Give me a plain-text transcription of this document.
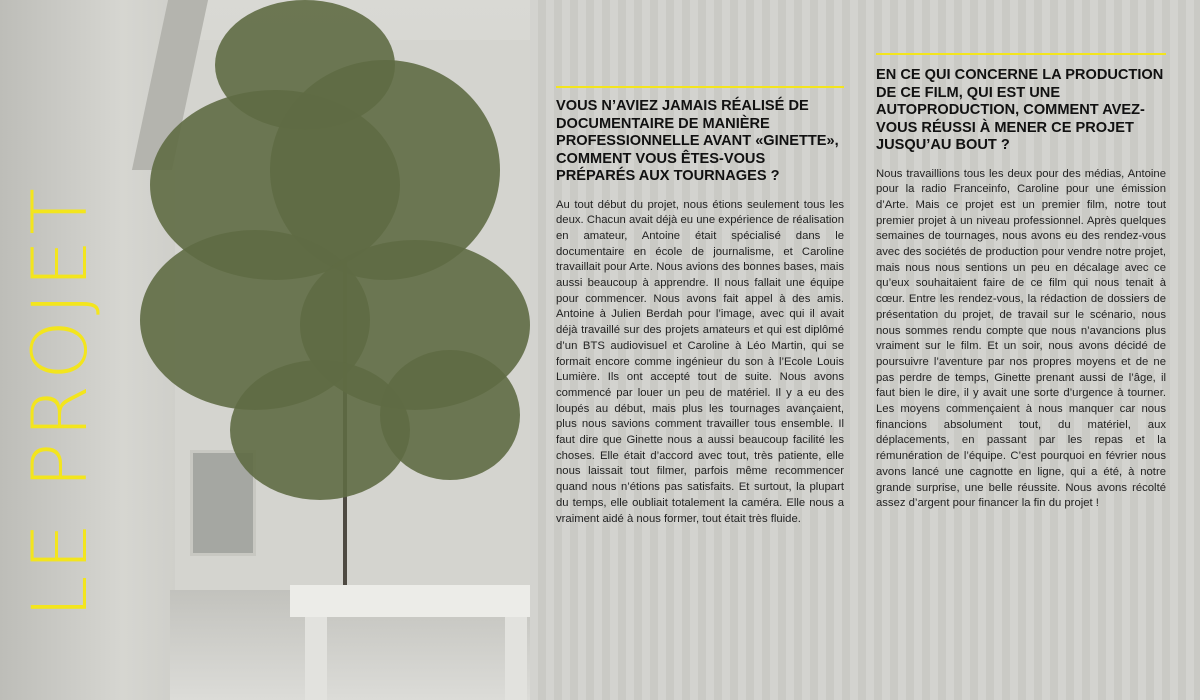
LE PROJET
VOUS N’AVIEZ JAMAIS RÉALISÉ DE DOCUMENTAIRE DE MANIÈRE PROFESSIONNELLE AVANT «GINETTE», COMMENT VOUS ÊTES-VOUS PRÉPARÉS AUX TOURNAGES ?

Au tout début du projet, nous étions seulement tous les deux. Chacun avait déjà eu une expérience de réalisation en amateur, Antoine était spécialisé dans le documentaire en école de journalisme, et Caroline travaillait pour Arte. Nous avions des bonnes bases, mais aussi beaucoup à apprendre. Il nous fallait une équipe pour commencer. Nous avons fait appel à des amis. Antoine à Julien Berdah pour l’image, avec qui il avait déjà travaillé sur des projets amateurs et qui est diplômé d’un BTS audiovisuel et Caroline à Léo Martin, qui se formait encore comme ingénieur du son à l’Ecole Louis Lumière. Ils ont accepté tout de suite. Nous avons commencé par louer un peu de matériel. Il y a eu des loupés au début, mais plus les tournages avançaient, plus nous savions comment travailler tous ensemble. Il faut dire que Ginette nous a aussi beaucoup facilité les choses. Elle était d’accord avec tout, très patiente, elle nous laissait tout filmer, parfois même recommencer quand nous n’étions pas satisfaits. Et surtout, la plupart du temps, elle oubliait totalement la caméra. Elle nous a vraiment aidé à nous former, tout était très fluide.

EN CE QUI CONCERNE LA PRODUCTION DE CE FILM, QUI EST UNE AUTOPRODUCTION, COMMENT AVEZ-VOUS RÉUSSI À MENER CE PROJET JUSQU’AU BOUT ?

Nous travaillions tous les deux pour des médias, Antoine pour la radio Franceinfo, Caroline pour une émission d’Arte. Mais ce projet est un premier film, notre tout premier projet à un niveau professionnel. Après quelques semaines de tournages, nous avons eu des rendez-vous avec des sociétés de production pour vendre notre projet, mais nous nous sentions un peu en décalage avec ce qu’eux souhaitaient faire de ce film qui nous tenait à cœur. Entre les rendez-vous, la rédaction de dossiers de présentation du projet, de travail sur le scénario, nous nous sommes rendu compte que nous n’avancions plus vraiment sur le film. Et un soir, nous avons décidé de poursuivre l’aventure par nos propres moyens et de ne pas perdre de temps, Ginette prenant aussi de l’âge, il faut bien le dire, il y avait une sorte d’urgence à tourner. Les moyens commençaient à nous manquer car nous financions absolument tout, du matériel, aux déplacements, en passant par les repas et la rémunération de l’équipe. C’est pourquoi en février nous avons lancé une cagnotte en ligne, qui a été, à notre grande surprise, une belle réussite. Nous avons récolté assez d’argent pour financer la fin du projet !
